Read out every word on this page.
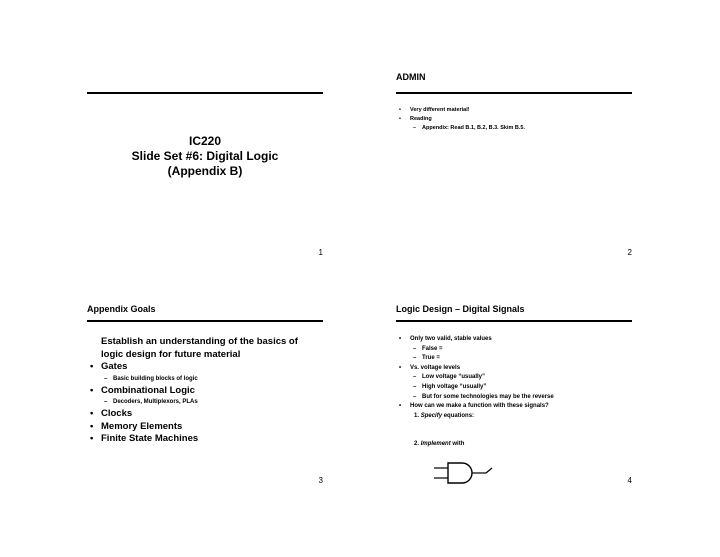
IC220
Slide Set #6: Digital Logic
(Appendix B)
1
ADMIN
• Very different material!
• Reading
– Appendix: Read B.1, B.2, B.3. Skim B.5.
2
Appendix Goals
Establish an understanding of the basics of
logic design for future material
• Gates
– Basic building blocks of logic
• Combinational Logic
– Decoders, Multiplexors, PLAs
• Clocks
• Memory Elements
• Finite State Machines
3
Logic Design – Digital Signals
• Only two valid, stable values
– False =
– True =
• Vs. voltage levels
– Low voltage “usually”
– High voltage “usually”
– But for some technologies may be the reverse
• How can we make a function with these signals?
1. Specify equations:
2. Implement with
4
